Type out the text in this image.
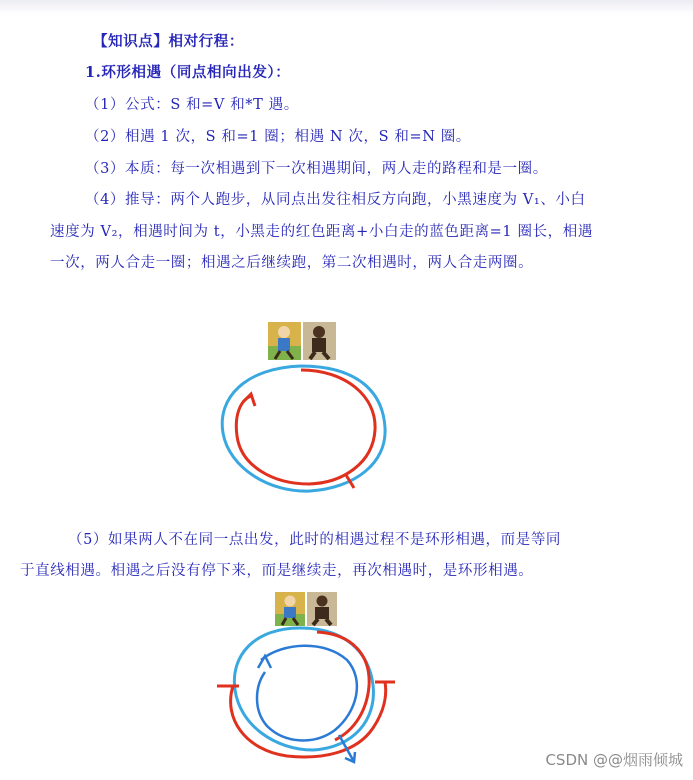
【知识点】相对行程：
1.环形相遇（同点相向出发）：
（1）公式：S 和=V 和*T 遇。
（2）相遇 1 次，S 和=1 圈；相遇 N 次，S 和=N 圈。
（3）本质：每一次相遇到下一次相遇期间，两人走的路程和是一圈。
（4）推导：两个人跑步，从同点出发往相反方向跑，小黑速度为 V₁、小白
速度为 V₂，相遇时间为 t，小黑走的红色距离+小白走的蓝色距离=1 圈长，相遇
一次，两人合走一圈；相遇之后继续跑，第二次相遇时，两人合走两圈。
（5）如果两人不在同一点出发，此时的相遇过程不是环形相遇，而是等同
于直线相遇。相遇之后没有停下来，而是继续走，再次相遇时，是环形相遇。
CSDN @@烟雨倾城
